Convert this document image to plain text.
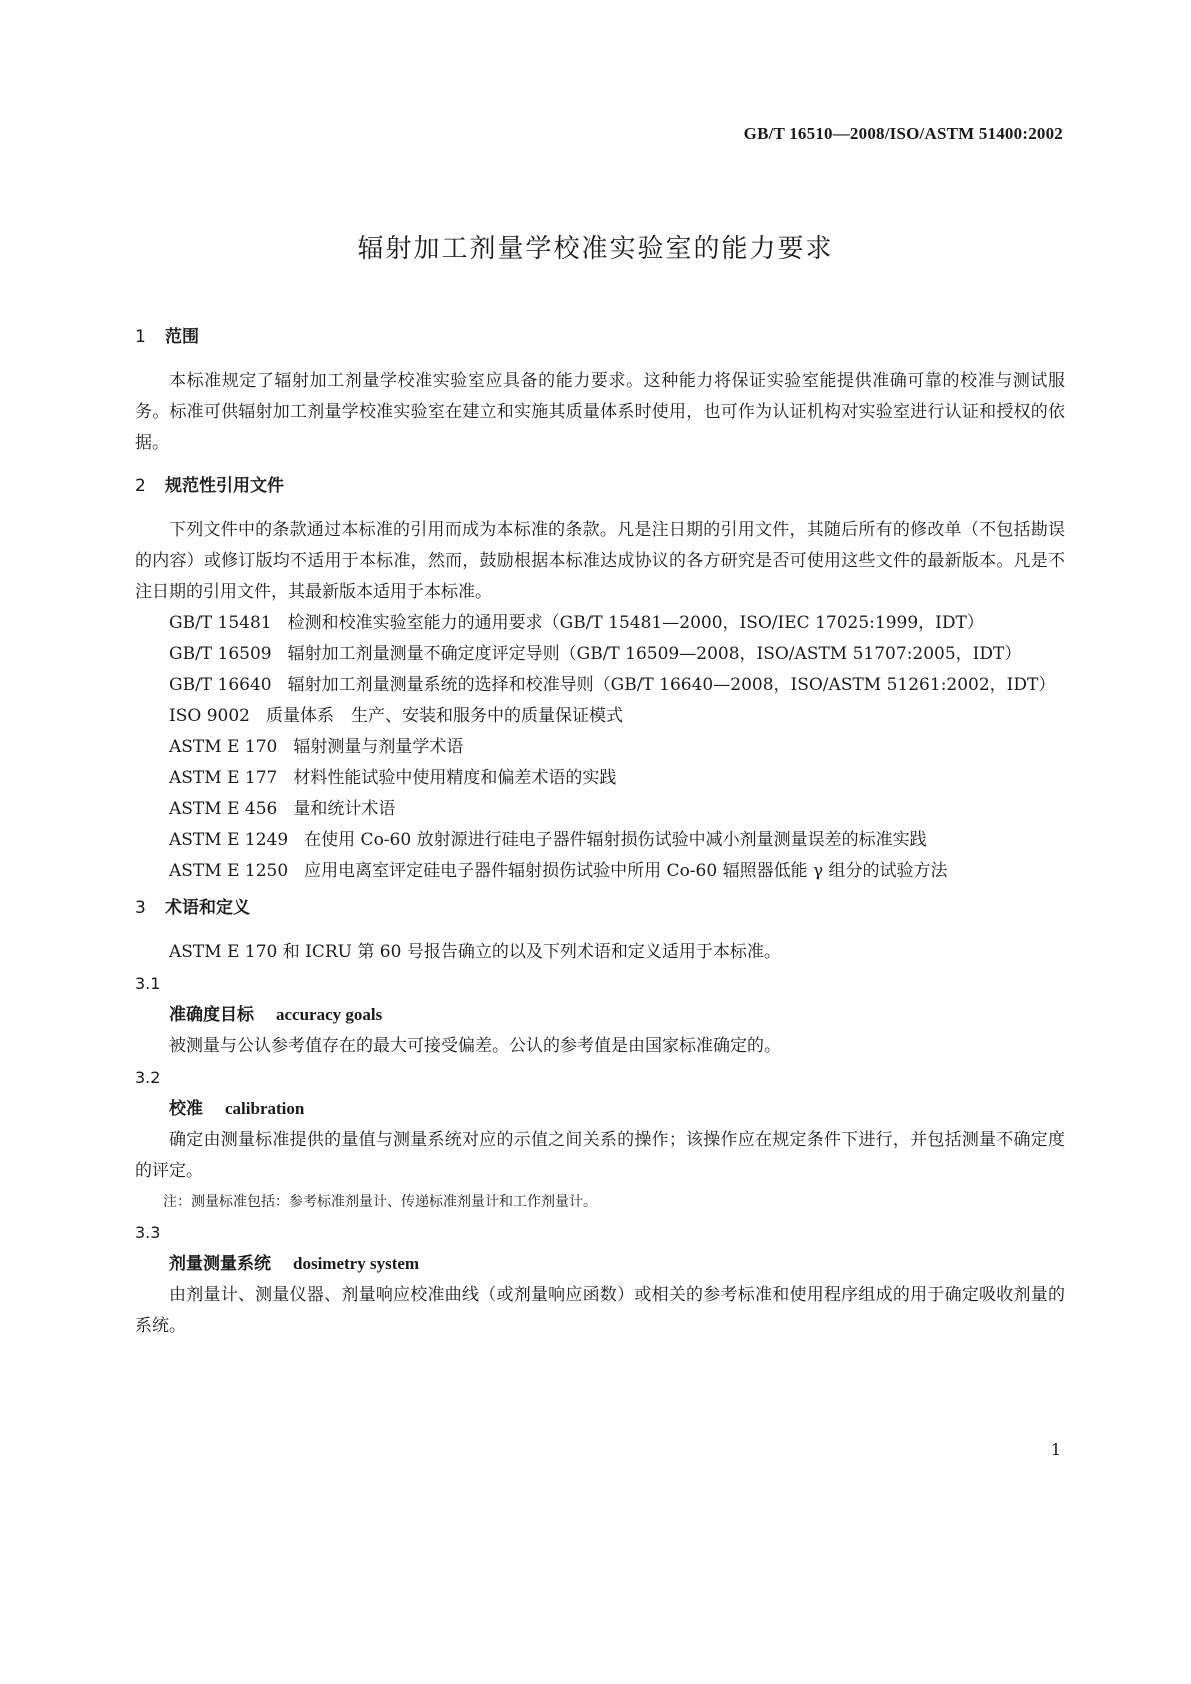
GB/T 16510—2008/ISO/ASTM 51400:2002
辐射加工剂量学校准实验室的能力要求
1 范围
本标准规定了辐射加工剂量学校准实验室应具备的能力要求。这种能力将保证实验室能提供准确可靠的校准与测试服务。标准可供辐射加工剂量学校准实验室在建立和实施其质量体系时使用，也可作为认证机构对实验室进行认证和授权的依据。
2 规范性引用文件
下列文件中的条款通过本标准的引用而成为本标准的条款。凡是注日期的引用文件，其随后所有的修改单（不包括勘误的内容）或修订版均不适用于本标准，然而，鼓励根据本标准达成协议的各方研究是否可使用这些文件的最新版本。凡是不注日期的引用文件，其最新版本适用于本标准。
GB/T 15481 检测和校准实验室能力的通用要求（GB/T 15481—2000，ISO/IEC 17025:1999，IDT）
GB/T 16509 辐射加工剂量测量不确定度评定导则（GB/T 16509—2008，ISO/ASTM 51707:2005，IDT）
GB/T 16640 辐射加工剂量测量系统的选择和校准导则（GB/T 16640—2008，ISO/ASTM 51261:2002，IDT）
ISO 9002 质量体系　生产、安装和服务中的质量保证模式
ASTM E 170 辐射测量与剂量学术语
ASTM E 177 材料性能试验中使用精度和偏差术语的实践
ASTM E 456 量和统计术语
ASTM E 1249 在使用 Co-60 放射源进行硅电子器件辐射损伤试验中减小剂量测量误差的标准实践
ASTM E 1250 应用电离室评定硅电子器件辐射损伤试验中所用 Co-60 辐照器低能 γ 组分的试验方法
3 术语和定义
ASTM E 170 和 ICRU 第 60 号报告确立的以及下列术语和定义适用于本标准。
3.1
准确度目标 accuracy goals
被测量与公认参考值存在的最大可接受偏差。公认的参考值是由国家标准确定的。
3.2
校准 calibration
确定由测量标准提供的量值与测量系统对应的示值之间关系的操作；该操作应在规定条件下进行，并包括测量不确定度的评定。
注：测量标准包括：参考标准剂量计、传递标准剂量计和工作剂量计。
3.3
剂量测量系统 dosimetry system
由剂量计、测量仪器、剂量响应校准曲线（或剂量响应函数）或相关的参考标准和使用程序组成的用于确定吸收剂量的系统。
1
